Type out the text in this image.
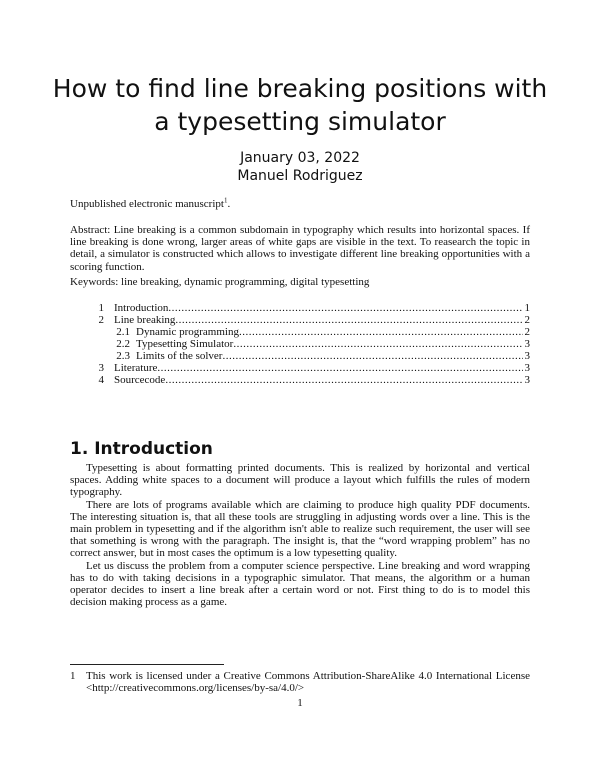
How to find line breaking positions with
a typesetting simulator
January 03, 2022
Manuel Rodriguez
Unpublished electronic manuscript$^1$.

Abstract: Line breaking is a common subdomain in typography which results into horizontal spaces. If line breaking is done wrong, larger areas of white gaps are visible in the text. To reasearch the topic in detail, a simulator is constructed which allows to investigate different line breaking opportunities with a scoring function.

Keywords: line breaking, dynamic programming, digital typesetting

1 Introduction .....	1
2 Line breaking .....	2
2.1 Dynamic programming .....	2
2.2 Typesetting Simulator .....	3
2.3 Limits of the solver .....	3
3 Literature .....	3
4 Sourcecode .....	3
1. Introduction

Typesetting is about formatting printed documents. This is realized by horizontal and vertical spaces. Adding white spaces to a document will produce a layout which fulfills the rules of modern typography.

There are lots of programs available which are claiming to produce high quality PDF documents. The interesting situation is, that all these tools are struggling in adjusting words over a line. This is the main problem in typesetting and if the algorithm isn't able to realize such requirement, the user will see that something is wrong with the paragraph. The insight is, that the “word wrapping problem” has no correct answer, but in most cases the optimum is a low typesetting quality.

Let us discuss the problem from a computer science perspective. Line breaking and word wrapping has to do with taking decisions in a typographic simulator. That means, the algorithm or a human operator decides to insert a line break after a certain word or not. First thing to do is to model this decision making process as a game.

1 This work is licensed under a Creative Commons Attribution-ShareAlike 4.0 International License <http://creativecommons.org/licenses/by-sa/4.0/>
1
